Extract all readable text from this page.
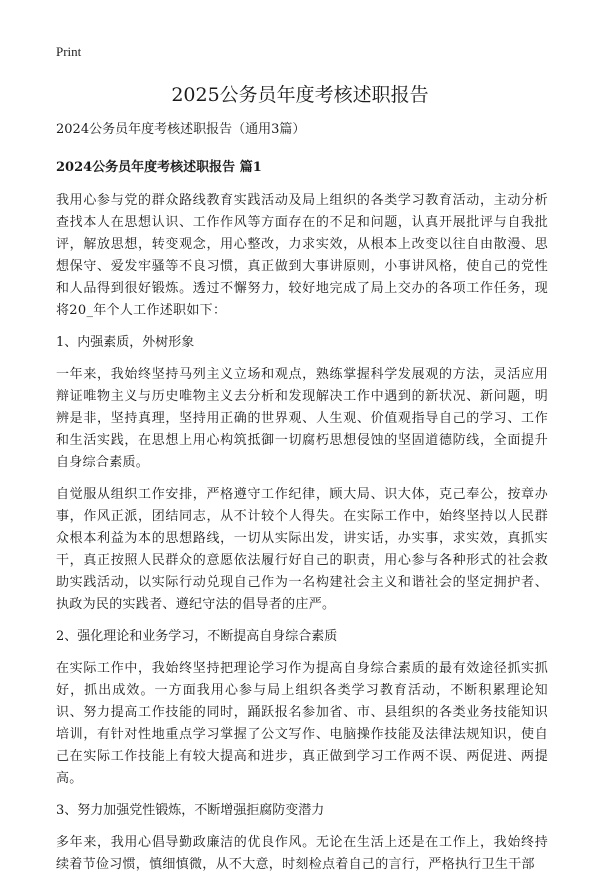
Print
2025公务员年度考核述职报告

2024公务员年度考核述职报告（通用3篇）

2024公务员年度考核述职报告 篇1

我用心参与党的群众路线教育实践活动及局上组织的各类学习教育活动，主动分析查找本人在思想认识、工作作风等方面存在的不足和问题，认真开展批评与自我批评，解放思想，转变观念，用心整改，力求实效，从根本上改变以往自由散漫、思想保守、爱发牢骚等不良习惯，真正做到大事讲原则，小事讲风格，使自己的党性和人品得到很好锻炼。透过不懈努力，较好地完成了局上交办的各项工作任务，现将20_年个人工作述职如下：

1、内强素质，外树形象

一年来，我始终坚持马列主义立场和观点，熟练掌握科学发展观的方法，灵活应用辩证唯物主义与历史唯物主义去分析和发现解决工作中遇到的新状况、新问题，明辨是非，坚持真理，坚持用正确的世界观、人生观、价值观指导自己的学习、工作和生活实践，在思想上用心构筑抵御一切腐朽思想侵蚀的坚固道德防线，全面提升自身综合素质。

自觉服从组织工作安排，严格遵守工作纪律，顾大局、识大体，克己奉公，按章办事，作风正派，团结同志，从不计较个人得失。在实际工作中，始终坚持以人民群众根本利益为本的思想路线，一切从实际出发，讲实话，办实事，求实效，真抓实干，真正按照人民群众的意愿依法履行好自己的职责，用心参与各种形式的社会救助实践活动，以实际行动兑现自己作为一名构建社会主义和谐社会的坚定拥护者、执政为民的实践者、遵纪守法的倡导者的庄严。

2、强化理论和业务学习，不断提高自身综合素质

在实际工作中，我始终坚持把理论学习作为提高自身综合素质的最有效途径抓实抓好，抓出成效。一方面我用心参与局上组织各类学习教育活动，不断积累理论知识、努力提高工作技能的同时，踊跃报名参加省、市、县组织的各类业务技能知识培训，有针对性地重点学习掌握了公文写作、电脑操作技能及法律法规知识，使自己在实际工作技能上有较大提高和进步，真正做到学习工作两不误、两促进、两提高。

3、努力加强党性锻炼，不断增强拒腐防变潜力

多年来，我用心倡导勤政廉洁的优良作风。无论在生活上还是在工作上，我始终持续着节俭习惯，慎细慎微，从不大意，时刻检点着自己的言行，严格执行卫生干部
